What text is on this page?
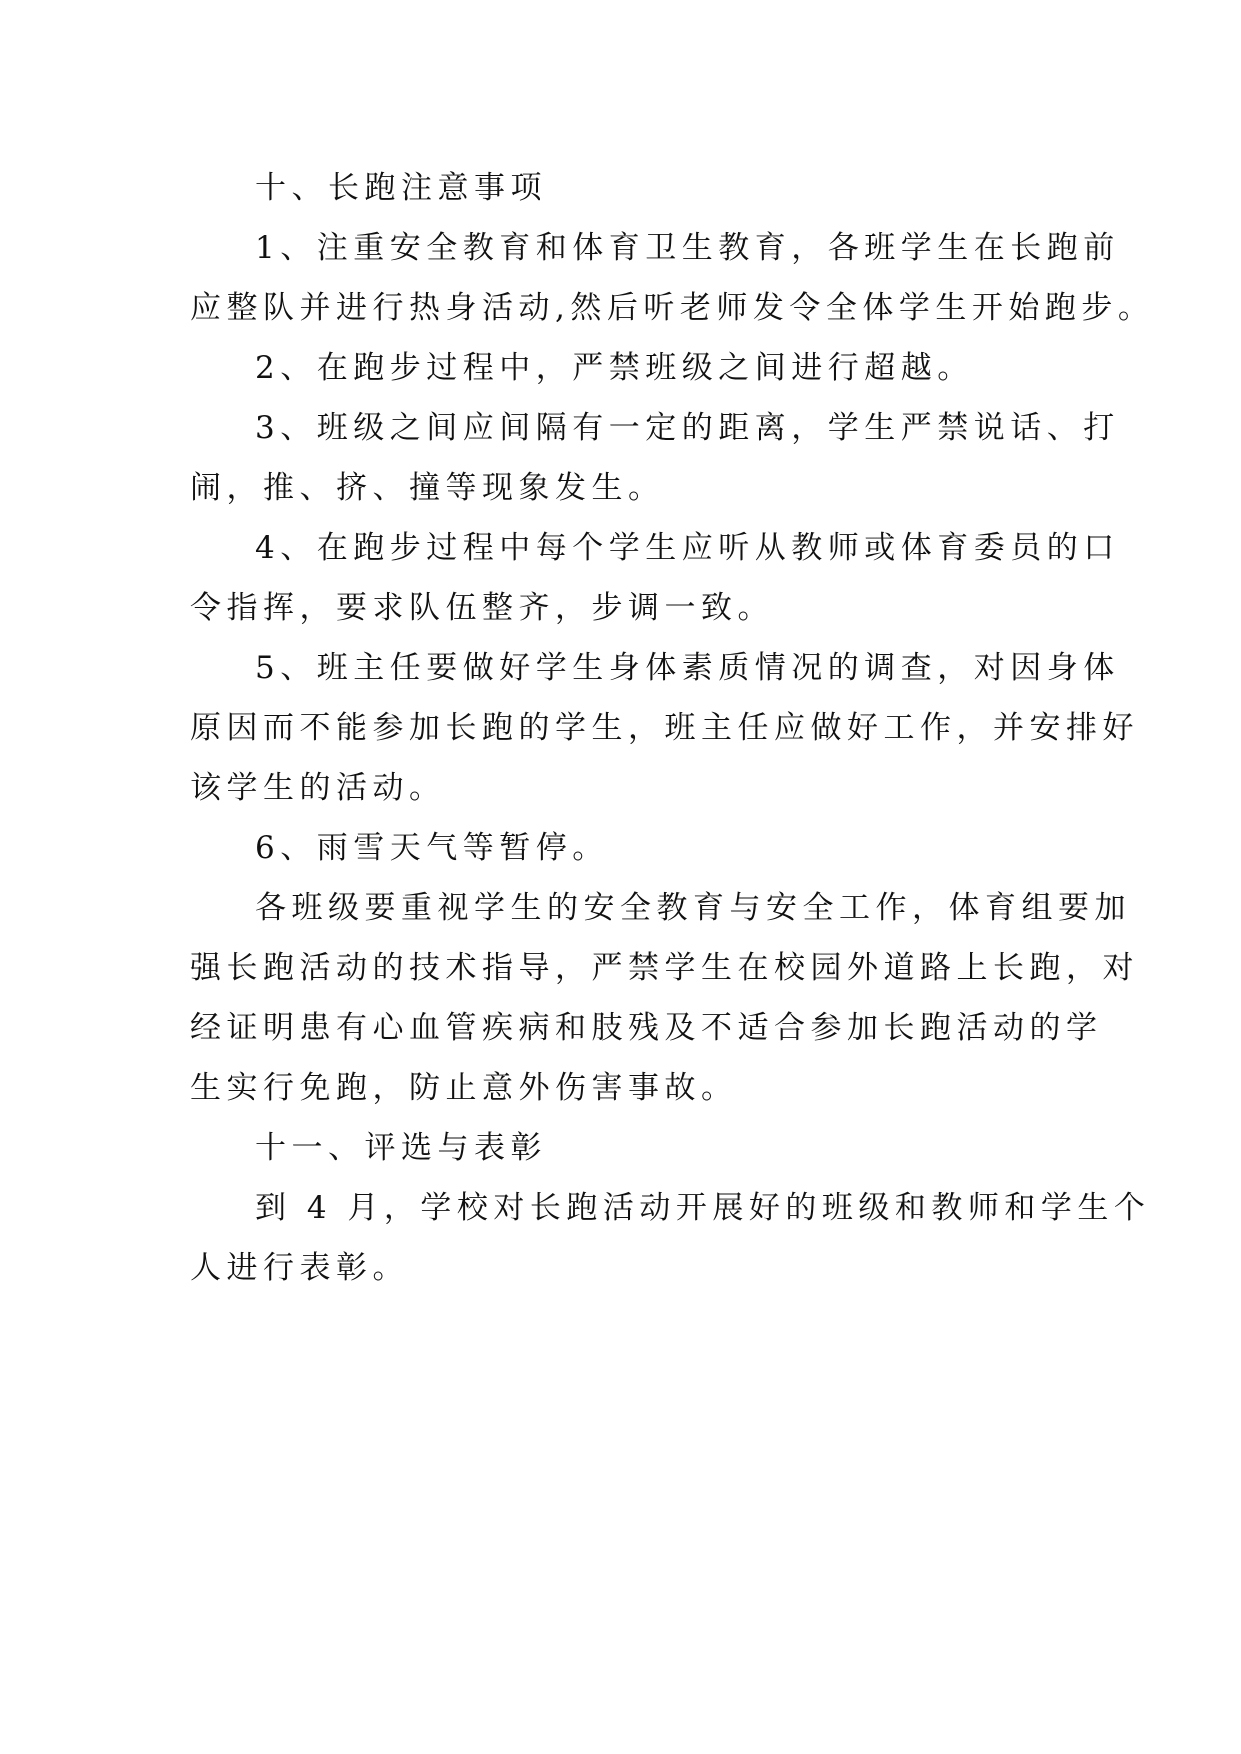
十、长跑注意事项
1、注重安全教育和体育卫生教育，各班学生在长跑前
应整队并进行热身活动,然后听老师发令全体学生开始跑步。
2、在跑步过程中，严禁班级之间进行超越。
3、班级之间应间隔有一定的距离，学生严禁说话、打
闹，推、挤、撞等现象发生。
4、在跑步过程中每个学生应听从教师或体育委员的口
令指挥，要求队伍整齐，步调一致。
5、班主任要做好学生身体素质情况的调查，对因身体
原因而不能参加长跑的学生，班主任应做好工作，并安排好
该学生的活动。
6、雨雪天气等暂停。
各班级要重视学生的安全教育与安全工作，体育组要加
强长跑活动的技术指导，严禁学生在校园外道路上长跑，对
经证明患有心血管疾病和肢残及不适合参加长跑活动的学
生实行免跑，防止意外伤害事故。
十一、评选与表彰
到 4 月，学校对长跑活动开展好的班级和教师和学生个
人进行表彰。
